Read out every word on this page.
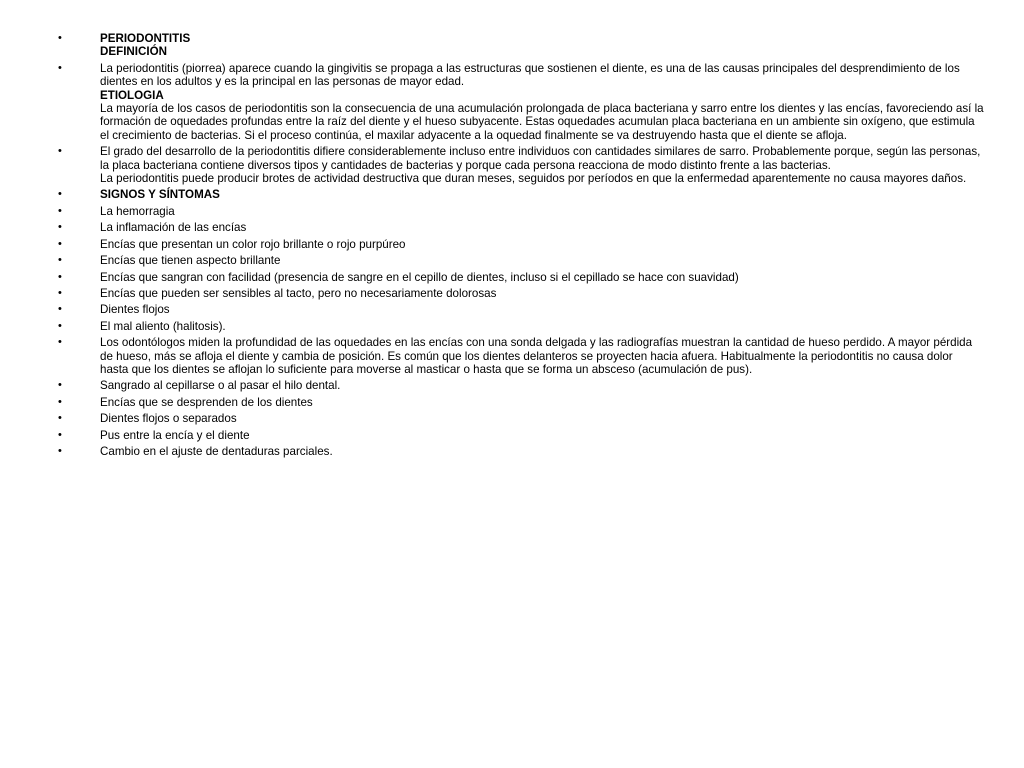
•	PERIODONTITIS
DEFINICIÓN
•	La periodontitis (piorrea) aparece cuando la gingivitis se propaga a las estructuras que sostienen el diente, es una de las causas principales del desprendimiento de los dientes en los adultos y es la principal en las personas de mayor edad.
ETIOLOGIA
La mayoría de los casos de periodontitis son la consecuencia de una acumulación prolongada de placa bacteriana y sarro entre los dientes y las encías, favoreciendo así la formación de oquedades profundas entre la raíz del diente y el hueso subyacente. Estas oquedades acumulan placa bacteriana en un ambiente sin oxígeno, que estimula el crecimiento de bacterias. Si el proceso continúa, el maxilar adyacente a la oquedad finalmente se va destruyendo hasta que el diente se afloja.
•	El grado del desarrollo de la periodontitis difiere considerablemente incluso entre individuos con cantidades similares de sarro. Probablemente porque, según las personas, la placa bacteriana contiene diversos tipos y cantidades de bacterias y porque cada persona reacciona de modo distinto frente a las bacterias.
La periodontitis puede producir brotes de actividad destructiva que duran meses, seguidos por períodos en que la enfermedad aparentemente no causa mayores daños.
•	SIGNOS Y SÍNTOMAS
•	La hemorragia
•	La inflamación de las encías
•	Encías que presentan un color rojo brillante o rojo purpúreo
•	Encías que tienen aspecto brillante
•	Encías que sangran con facilidad (presencia de sangre en el cepillo de dientes, incluso si el cepillado se hace con suavidad)
•	Encías que pueden ser sensibles al tacto, pero no necesariamente dolorosas
•	Dientes flojos
•	El mal aliento (halitosis).
•	Los odontólogos miden la profundidad de las oquedades en las encías con una sonda delgada y las radiografías muestran la cantidad de hueso perdido. A mayor pérdida de hueso, más se afloja el diente y cambia de posición. Es común que los dientes delanteros se proyecten hacia afuera. Habitualmente la periodontitis no causa dolor hasta que los dientes se aflojan lo suficiente para moverse al masticar o hasta que se forma un absceso (acumulación de pus).
•	Sangrado al cepillarse o al pasar el hilo dental.
•	Encías que se desprenden de los dientes
•	Dientes flojos o separados
•	Pus entre la encía y el diente
•	Cambio en el ajuste de dentaduras parciales.
